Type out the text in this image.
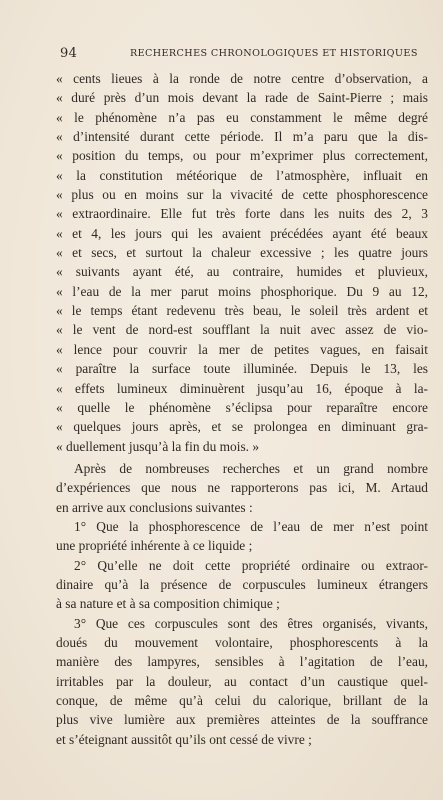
94	RECHERCHES CHRONOLOGIQUES ET HISTORIQUES
« cents lieues à la ronde de notre centre d’observation, a
« duré près d’un mois devant la rade de Saint-Pierre ; mais
« le phénomène n’a pas eu constamment le même degré
« d’intensité durant cette période. Il m’a paru que la dis-
« position du temps, ou pour m’exprimer plus correctement,
« la constitution météorique de l’atmosphère, influait en
« plus ou en moins sur la vivacité de cette phosphorescence
« extraordinaire. Elle fut très forte dans les nuits des 2, 3
« et 4, les jours qui les avaient précédées ayant été beaux
« et secs, et surtout la chaleur excessive ; les quatre jours
« suivants ayant été, au contraire, humides et pluvieux,
« l’eau de la mer parut moins phosphorique. Du 9 au 12,
« le temps étant redevenu très beau, le soleil très ardent et
« le vent de nord-est soufflant la nuit avec assez de vio-
« lence pour couvrir la mer de petites vagues, en faisait
« paraître la surface toute illuminée. Depuis le 13, les
« effets lumineux diminuèrent jusqu’au 16, époque à la-
« quelle le phénomène s’éclipsa pour reparaître encore
« quelques jours après, et se prolongea en diminuant gra-
« duellement jusqu’à la fin du mois. »
Après de nombreuses recherches et un grand nombre
d’expériences que nous ne rapporterons pas ici, M. Artaud
en arrive aux conclusions suivantes :
1° Que la phosphorescence de l’eau de mer n’est point
une propriété inhérente à ce liquide ;
2° Qu’elle ne doit cette propriété ordinaire ou extraor-
dinaire qu’à la présence de corpuscules lumineux étrangers
à sa nature et à sa composition chimique ;
3° Que ces corpuscules sont des êtres organisés, vivants,
doués du mouvement volontaire, phosphorescents à la
manière des lampyres, sensibles à l’agitation de l’eau,
irritables par la douleur, au contact d’un caustique quel-
conque, de même qu’à celui du calorique, brillant de la
plus vive lumière aux premières atteintes de la souffrance
et s’éteignant aussitôt qu’ils ont cessé de vivre ;
